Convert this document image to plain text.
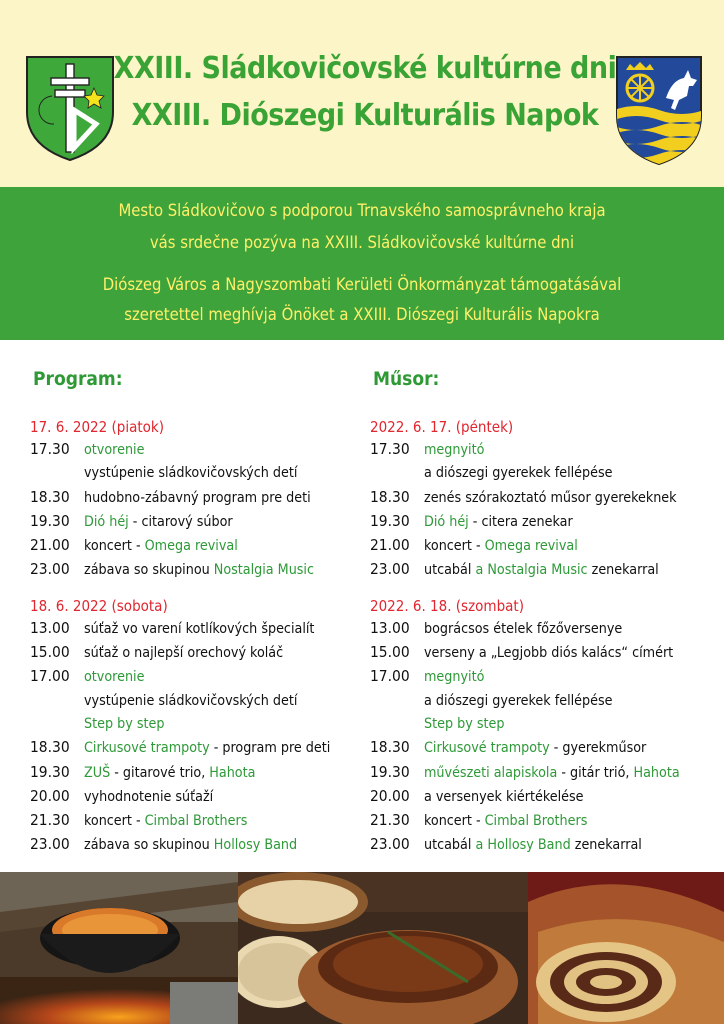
XXIII. Sládkovičovské kultúrne dni
XXIII. Diószegi Kulturális Napok
Mesto Sládkovičovo s podporou Trnavského samosprávneho kraja
vás srdečne pozýva na XXIII. Sládkovičovské kultúrne dni
Diószeg Város a Nagyszombati Kerületi Önkormányzat támogatásával
szeretettel meghívja Önöket a XXIII. Diószegi Kulturális Napokra
Program:
17. 6. 2022 (piatok)
17.30 otvorenie
vystúpenie sládkovičovských detí
18.30 hudobno-zábavný program pre deti
19.30 Dió héj - citarový súbor
21.00 koncert - Omega revival
23.00 zábava so skupinou Nostalgia Music
18. 6. 2022 (sobota)
13.00 súťaž vo varení kotlíkových špecialít
15.00 súťaž o najlepší orechový koláč
17.00 otvorenie
vystúpenie sládkovičovských detí
Step by step
18.30 Cirkusové trampoty - program pre deti
19.30 ZUŠ - gitarové trio, Hahota
20.00 vyhodnotenie súťaží
21.30 koncert - Cimbal Brothers
23.00zábava so skupinou Hollosy Band
Műsor:
2022. 6. 17. (péntek)
17.30 megnyitó
a diószegi gyerekek fellépése
18.30 zenés szórakoztató műsor gyerekeknek
19.30 Dió héj - citera zenekar
21.00 koncert - Omega revival
23.00 utcabál a Nostalgia Music zenekarral
2022. 6. 18. (szombat)
13.00 bográcsos ételek főzőversenye
15.00 verseny a „Legjobb diós kalács“ címért
17.00 megnyitó
a diószegi gyerekek fellépése
Step by step
18.30 Cirkusové trampoty - gyerekműsor
19.30 művészeti alapiskola - gitár trió, Hahota
20.00 a versenyek kiértékelése
21.30 koncert - Cimbal Brothers
23.00 utcabál a Hollosy Band zenekarral
